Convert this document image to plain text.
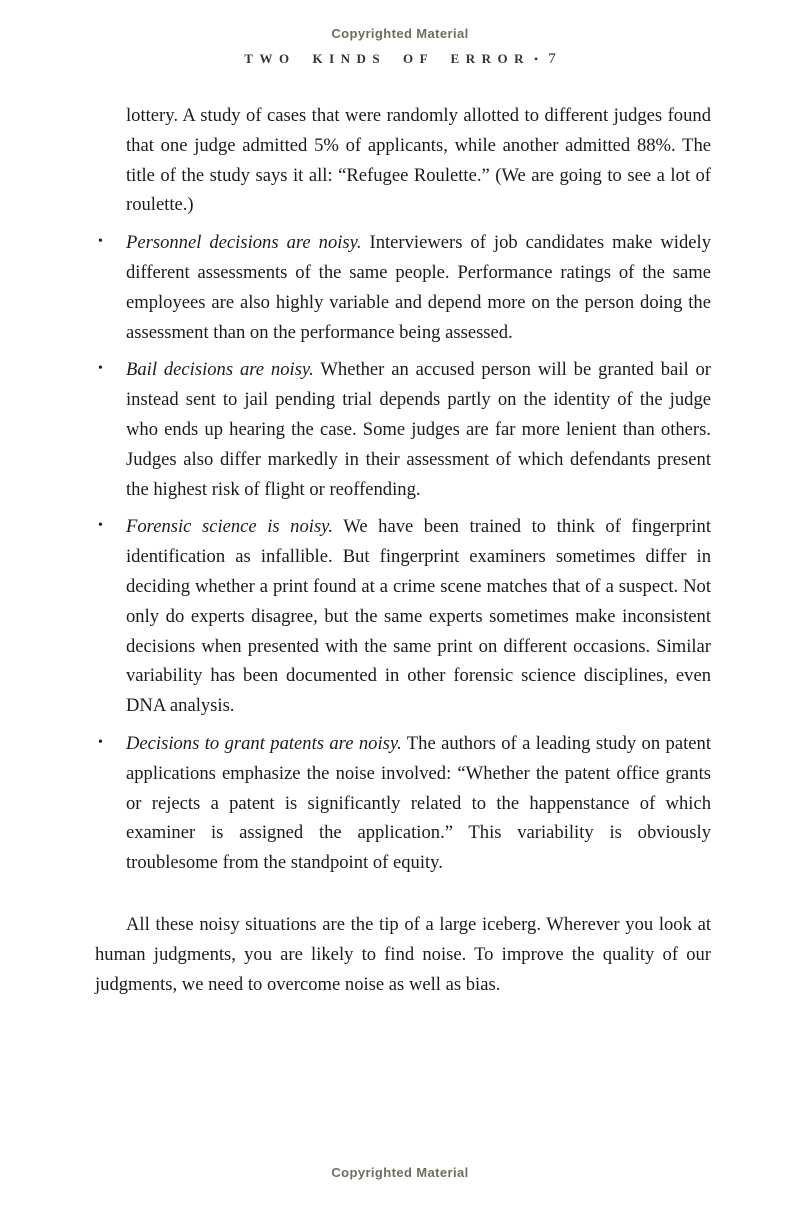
Copyrighted Material
TWO KINDS OF ERROR • 7

lottery. A study of cases that were randomly allotted to different judges found that one judge admitted 5% of applicants, while another admitted 88%. The title of the study says it all: “Refugee Roulette.” (We are going to see a lot of roulette.)

• Personnel decisions are noisy. Interviewers of job candidates make widely different assessments of the same people. Performance ratings of the same employees are also highly variable and depend more on the person doing the assessment than on the performance being assessed.
• Bail decisions are noisy. Whether an accused person will be granted bail or instead sent to jail pending trial depends partly on the identity of the judge who ends up hearing the case. Some judges are far more lenient than others. Judges also differ markedly in their assessment of which defendants present the highest risk of flight or reoffending.
• Forensic science is noisy. We have been trained to think of fingerprint identification as infallible. But fingerprint examiners sometimes differ in deciding whether a print found at a crime scene matches that of a suspect. Not only do experts disagree, but the same experts sometimes make inconsistent decisions when presented with the same print on different occasions. Similar variability has been documented in other forensic science disciplines, even DNA analysis.
• Decisions to grant patents are noisy. The authors of a leading study on patent applications emphasize the noise involved: “Whether the patent office grants or rejects a patent is significantly related to the happenstance of which examiner is assigned the application.” This variability is obviously troublesome from the standpoint of equity.

All these noisy situations are the tip of a large iceberg. Wherever you look at human judgments, you are likely to find noise. To improve the quality of our judgments, we need to overcome noise as well as bias.

Copyrighted Material
